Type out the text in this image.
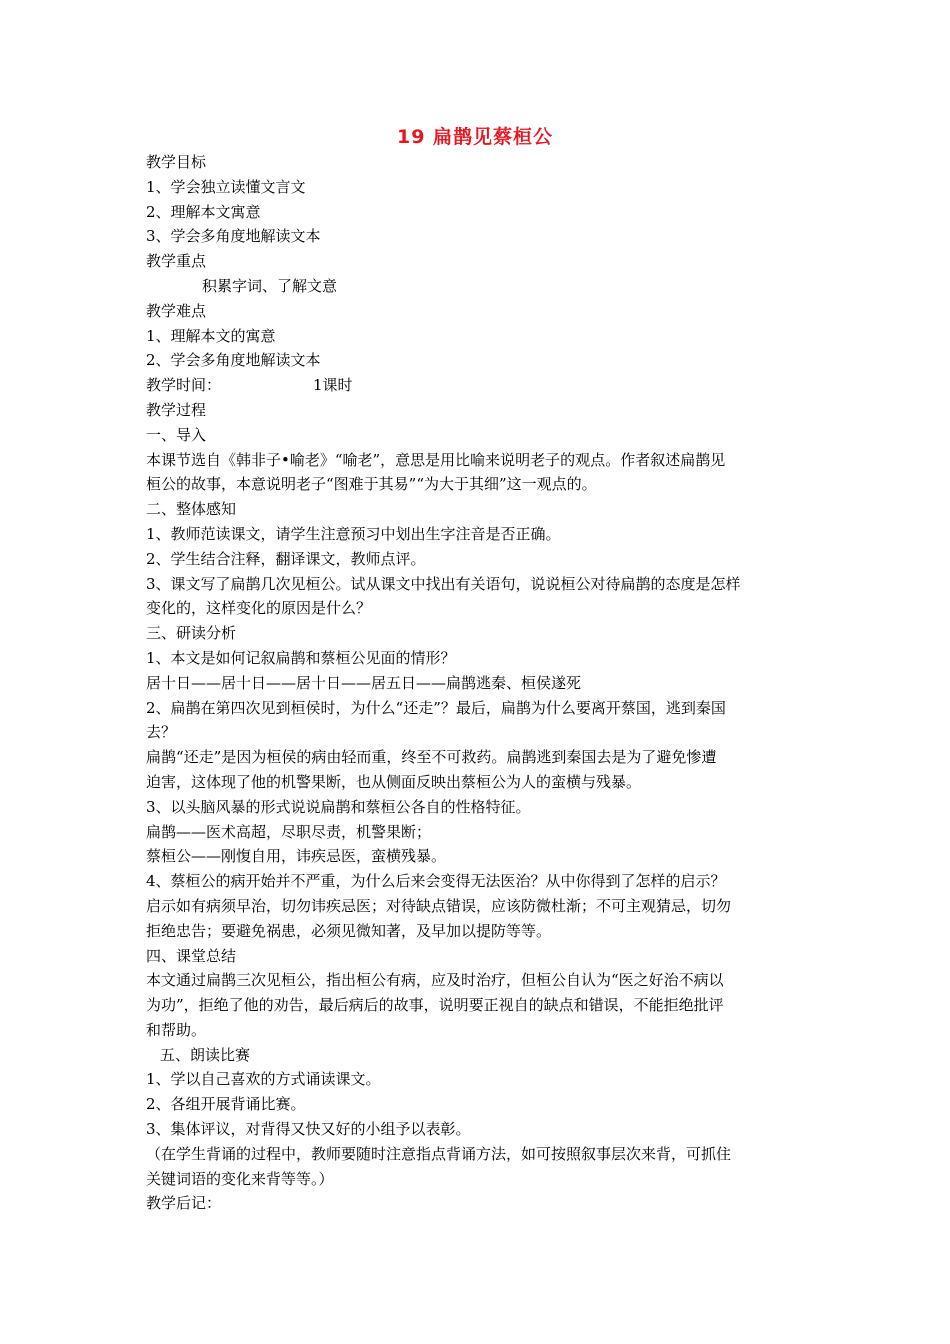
19 扁鹊见蔡桓公
教学目标
1、学会独立读懂文言文
2、理解本文寓意
3、学会多角度地解读文本
教学重点
积累字词、了解文意
教学难点
1、理解本文的寓意
2、学会多角度地解读文本
教学时间：	1课时
教学过程
一、导入
本课节选自《韩非子•喻老》“喻老”，意思是用比喻来说明老子的观点。作者叙述扁鹊见
桓公的故事，本意说明老子“图难于其易”“为大于其细”这一观点的。
二、整体感知
1、教师范读课文，请学生注意预习中划出生字注音是否正确。
2、学生结合注释，翻译课文，教师点评。
3、课文写了扁鹊几次见桓公。试从课文中找出有关语句，说说桓公对待扁鹊的态度是怎样
变化的，这样变化的原因是什么？
三、研读分析
1、本文是如何记叙扁鹊和蔡桓公见面的情形？
居十日——居十日——居十日——居五日——扁鹊逃秦、桓侯遂死
2、扁鹊在第四次见到桓侯时，为什么“还走”？最后，扁鹊为什么要离开蔡国，逃到秦国
去？
扁鹊“还走”是因为桓侯的病由轻而重，终至不可救药。扁鹊逃到秦国去是为了避免惨遭
迫害，这体现了他的机警果断，也从侧面反映出蔡桓公为人的蛮横与残暴。
3、以头脑风暴的形式说说扁鹊和蔡桓公各自的性格特征。
扁鹊——医术高超，尽职尽责，机警果断；
蔡桓公——刚愎自用，讳疾忌医，蛮横残暴。
4、蔡桓公的病开始并不严重，为什么后来会变得无法医治？从中你得到了怎样的启示？
启示如有病须早治，切勿讳疾忌医；对待缺点错误，应该防微杜渐；不可主观猜忌，切勿
拒绝忠告；要避免祸患，必须见微知著，及早加以提防等等。
四、课堂总结
本文通过扁鹊三次见桓公，指出桓公有病，应及时治疗，但桓公自认为“医之好治不病以
为功”，拒绝了他的劝告，最后病后的故事，说明要正视自的缺点和错误，不能拒绝批评
和帮助。
五、朗读比赛
1、学以自己喜欢的方式诵读课文。
2、各组开展背诵比赛。
3、集体评议，对背得又快又好的小组予以表彰。
（在学生背诵的过程中，教师要随时注意指点背诵方法，如可按照叙事层次来背，可抓住
关键词语的变化来背等等。）
教学后记：
